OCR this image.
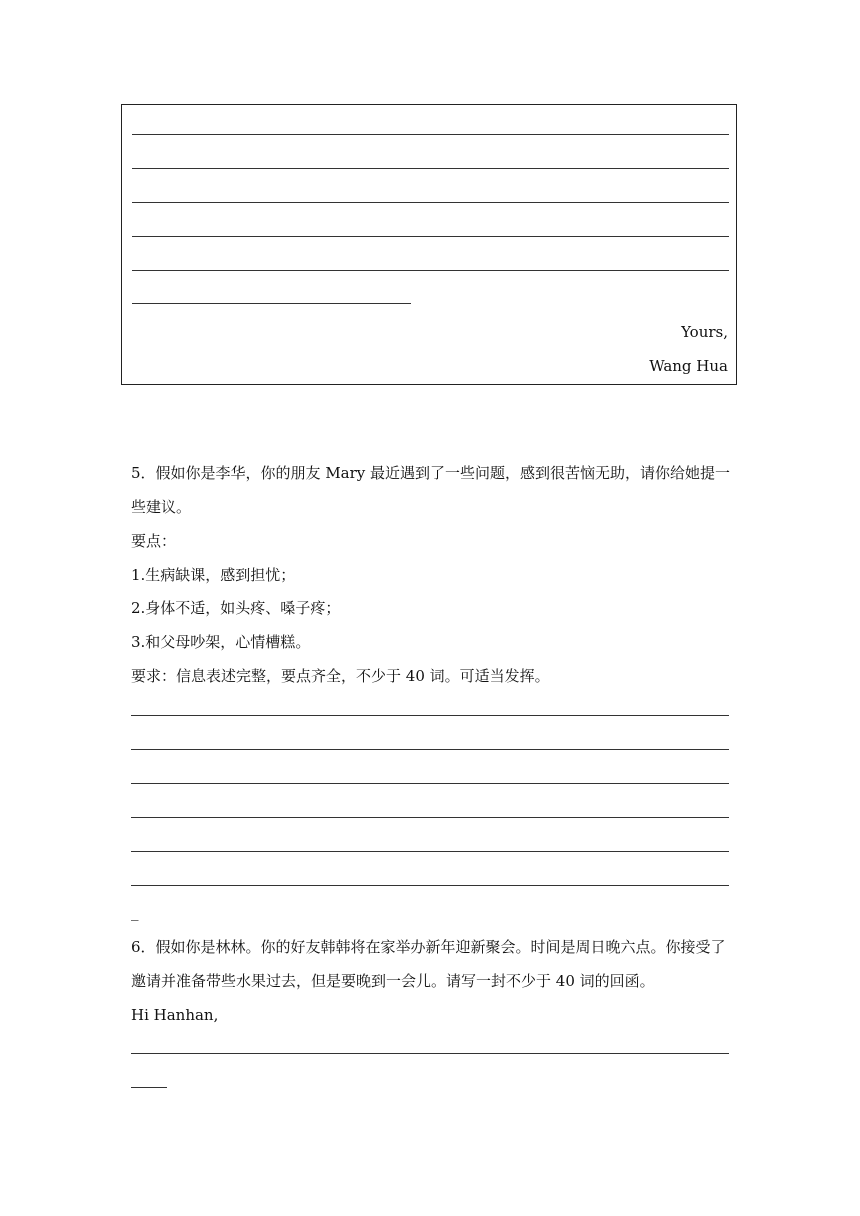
Yours,
Wang Hua
5．假如你是李华，你的朋友 Mary 最近遇到了一些问题，感到很苦恼无助，请你给她提一
些建议。
要点：
1.生病缺课，感到担忧；
2.身体不适，如头疼、嗓子疼；
3.和父母吵架，心情槽糕。
要求：信息表述完整，要点齐全，不少于 40 词。可适当发挥。
_
6．假如你是林林。你的好友韩韩将在家举办新年迎新聚会。时间是周日晚六点。你接受了
邀请并准备带些水果过去，但是要晚到一会儿。请写一封不少于 40 词的回函。
Hi Hanhan,
